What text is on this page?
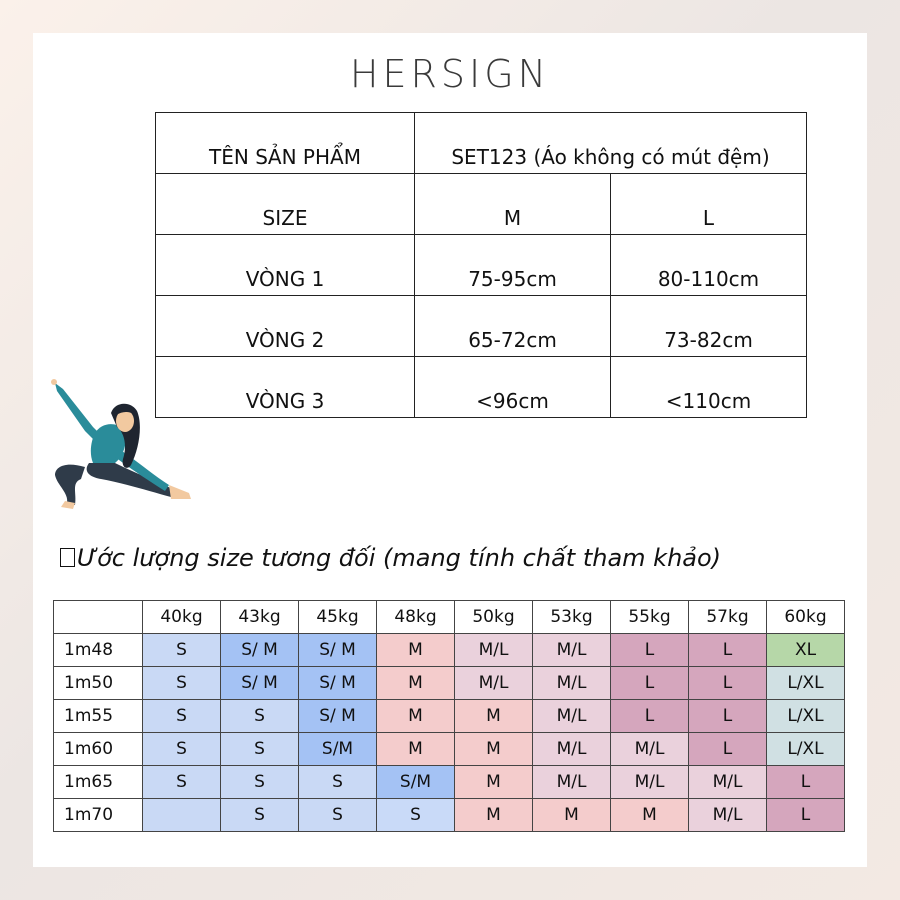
HERSIGN
TÊN SẢN PHẨM	SET123 (Áo không có mút đệm)	
SIZE	M	L
VÒNG 1	75-95cm	80-110cm
VÒNG 2	65-72cm	73-82cm
VÒNG 3	<96cm	<110cm
Ước lượng size tương đối (mang tính chất tham khảo)
	40kg	43kg	45kg	48kg	50kg	53kg	55kg	57kg	60kg
1m48	S	S/ M	S/ M	M	M/L	M/L	L	L	XL
1m50	S	S/ M	S/ M	M	M/L	M/L	L	L	L/XL
1m55	S	S	S/ M	M	M	M/L	L	L	L/XL
1m60	S	S	S/M	M	M	M/L	M/L	L	L/XL
1m65	S	S	S	S/M	M	M/L	M/L	M/L	L
1m70		S	S	S	M	M	M	M/L	L
